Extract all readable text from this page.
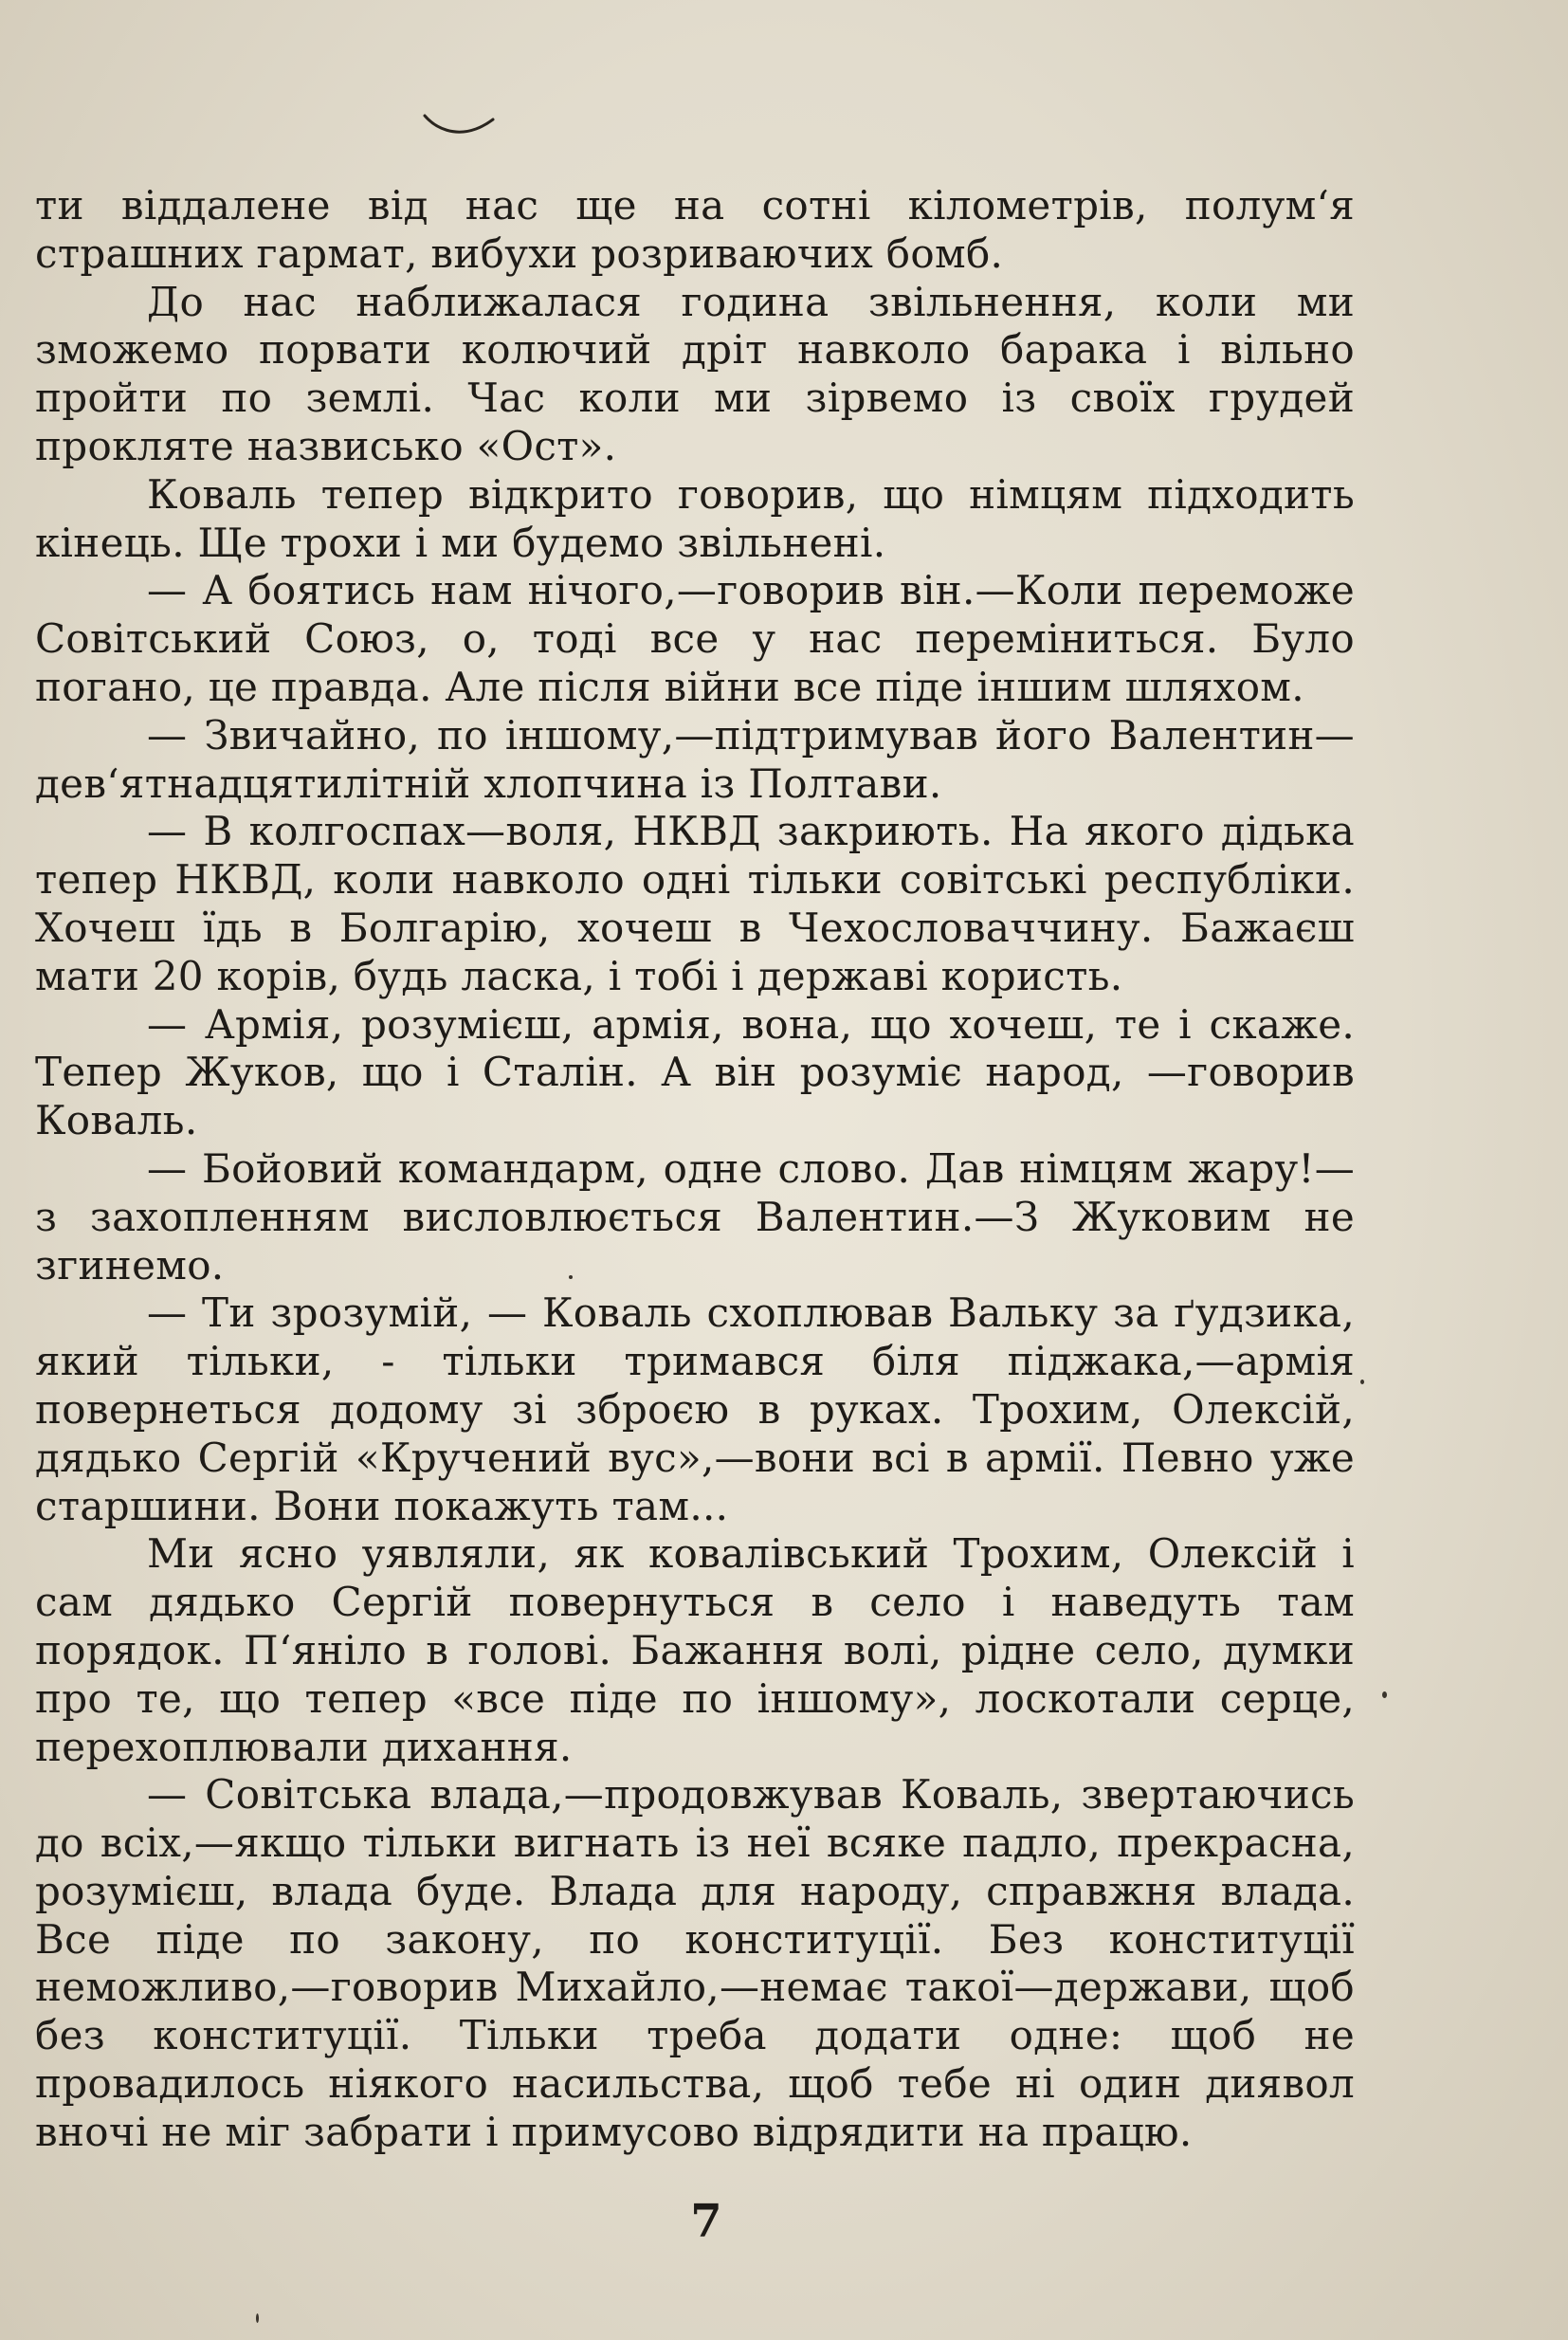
ти віддалене від нас ще на сотні кілометрів, полум‘я страшних гармат, вибухи розриваючих бомб.

До нас наближалася година звільнення, коли ми зможемо порвати колючий дріт навколо барака і вільно пройти по землі. Час коли ми зірвемо із своїх грудей прокляте назвисько «Ост».

Коваль тепер відкрито говорив, що німцям підходить кінець. Ще трохи і ми будемо звільнені.

— А боятись нам нічого,—говорив він.—Коли переможе Совітський Союз, о, тоді все у нас переміниться. Було погано, це правда. Але після війни все піде іншим шляхом.

— Звичайно, по іншому,—підтримував його Валентин—дев‘ятнадцятилітній хлопчина із Полтави.

— В колгоспах—воля, НКВД закриють. На якого дідька тепер НКВД, коли навколо одні тільки совітські республіки. Хочеш їдь в Болгарію, хочеш в Чехословаччину. Бажаєш мати 20 корів, будь ласка, і тобі і державі користь.

— Армія, розумієш, армія, вона, що хочеш, те і скаже. Тепер Жуков, що і Сталін. А він розуміє народ, —говорив Коваль.

— Бойовий командарм, одне слово. Дав німцям жару!—з захопленням висловлюється Валентин.—З Жуковим не згинемо.

— Ти зрозумій, — Коваль схоплював Вальку за ґудзика, який тільки, - тільки тримався біля піджака,—армія повернеться додому зі зброєю в руках. Трохим, Олексій, дядько Сергій «Кручений вус»,—вони всі в армії. Певно уже старшини. Вони покажуть там...

Ми ясно уявляли, як ковалівський Трохим, Олексій і сам дядько Сергій повернуться в село і наведуть там порядок. П‘яніло в голові. Бажання волі, рідне село, думки про те, що тепер «все піде по іншому», лоскотали серце, перехоплювали дихання.

— Совітська влада,—продовжував Коваль, звертаючись до всіх,—якщо тільки вигнать із неї всяке падло, прекрасна, розумієш, влада буде. Влада для народу, справжня влада. Все піде по закону, по конституції. Без конституції неможливо,—говорив Михайло,—немає такої—держави, щоб без конституції. Тільки треба додати одне: щоб не провадилось ніякого насильства, щоб тебе ні один диявол вночі не міг забрати і примусово відрядити на працю.

7
